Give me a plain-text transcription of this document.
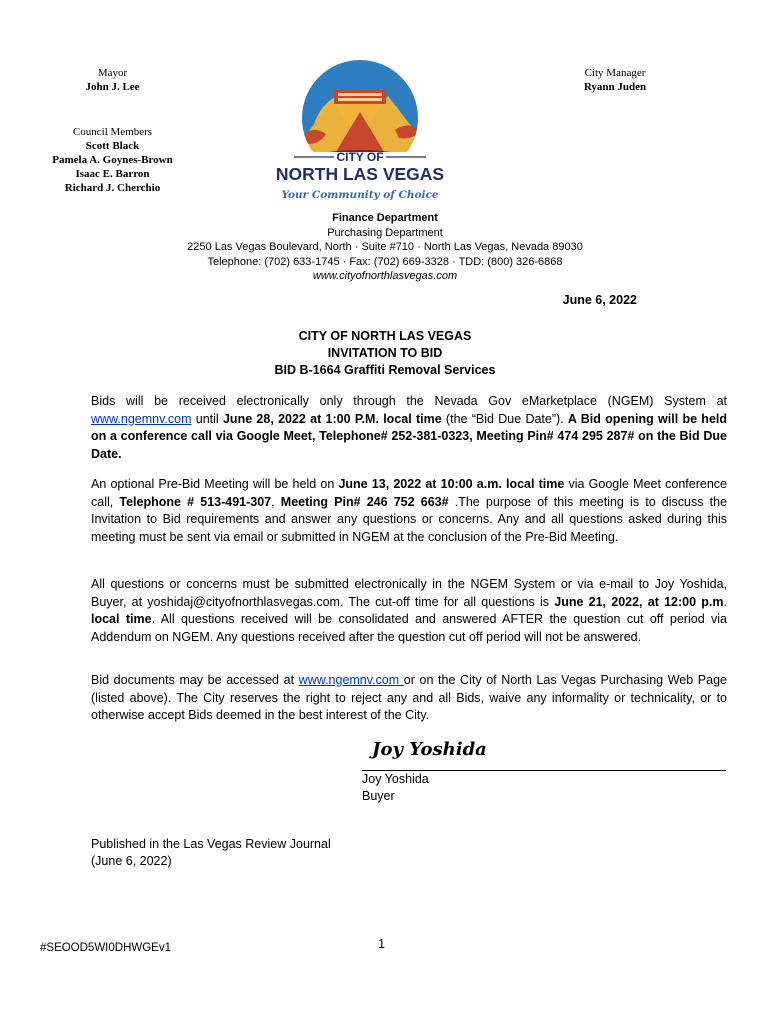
Mayor
John J. Lee
City Manager
Ryann Juden
Council Members
Scott Black
Pamela A. Goynes-Brown
Isaac E. Barron
Richard J. Cherchio
CITY OF
NORTH LAS VEGAS
Your Community of Choice
Finance Department
Purchasing Department
2250 Las Vegas Boulevard, North · Suite #710 · North Las Vegas, Nevada 89030
Telephone: (702) 633-1745 · Fax: (702) 669-3328 · TDD: (800) 326-6868
www.cityofnorthlasvegas.com
June 6, 2022
CITY OF NORTH LAS VEGAS
INVITATION TO BID
BID B-1664 Graffiti Removal Services
Bids will be received electronically only through the Nevada Gov eMarketplace (NGEM) System at www.ngemnv.com until June 28, 2022 at 1:00 P.M. local time (the “Bid Due Date”). A Bid opening will be held on a conference call via Google Meet, Telephone# 252-381-0323, Meeting Pin# 474 295 287# on the Bid Due Date.
An optional Pre-Bid Meeting will be held on June 13, 2022 at 10:00 a.m. local time via Google Meet conference call, Telephone # 513-491-307, Meeting Pin# 246 752 663# .The purpose of this meeting is to discuss the Invitation to Bid requirements and answer any questions or concerns. Any and all questions asked during this meeting must be sent via email or submitted in NGEM at the conclusion of the Pre-Bid Meeting.
All questions or concerns must be submitted electronically in the NGEM System or via e-mail to Joy Yoshida, Buyer, at yoshidaj@cityofnorthlasvegas.com. The cut-off time for all questions is June 21, 2022, at 12:00 p.m. local time. All questions received will be consolidated and answered AFTER the question cut off period via Addendum on NGEM. Any questions received after the question cut off period will not be answered.
Bid documents may be accessed at www.ngemnv.com or on the City of North Las Vegas Purchasing Web Page (listed above). The City reserves the right to reject any and all Bids, waive any informality or technicality, or to otherwise accept Bids deemed in the best interest of the City.
Joy Yoshida
Joy Yoshida
Buyer
Published in the Las Vegas Review Journal
(June 6, 2022)
#SEOOD5WI0DHWGEv1	1
